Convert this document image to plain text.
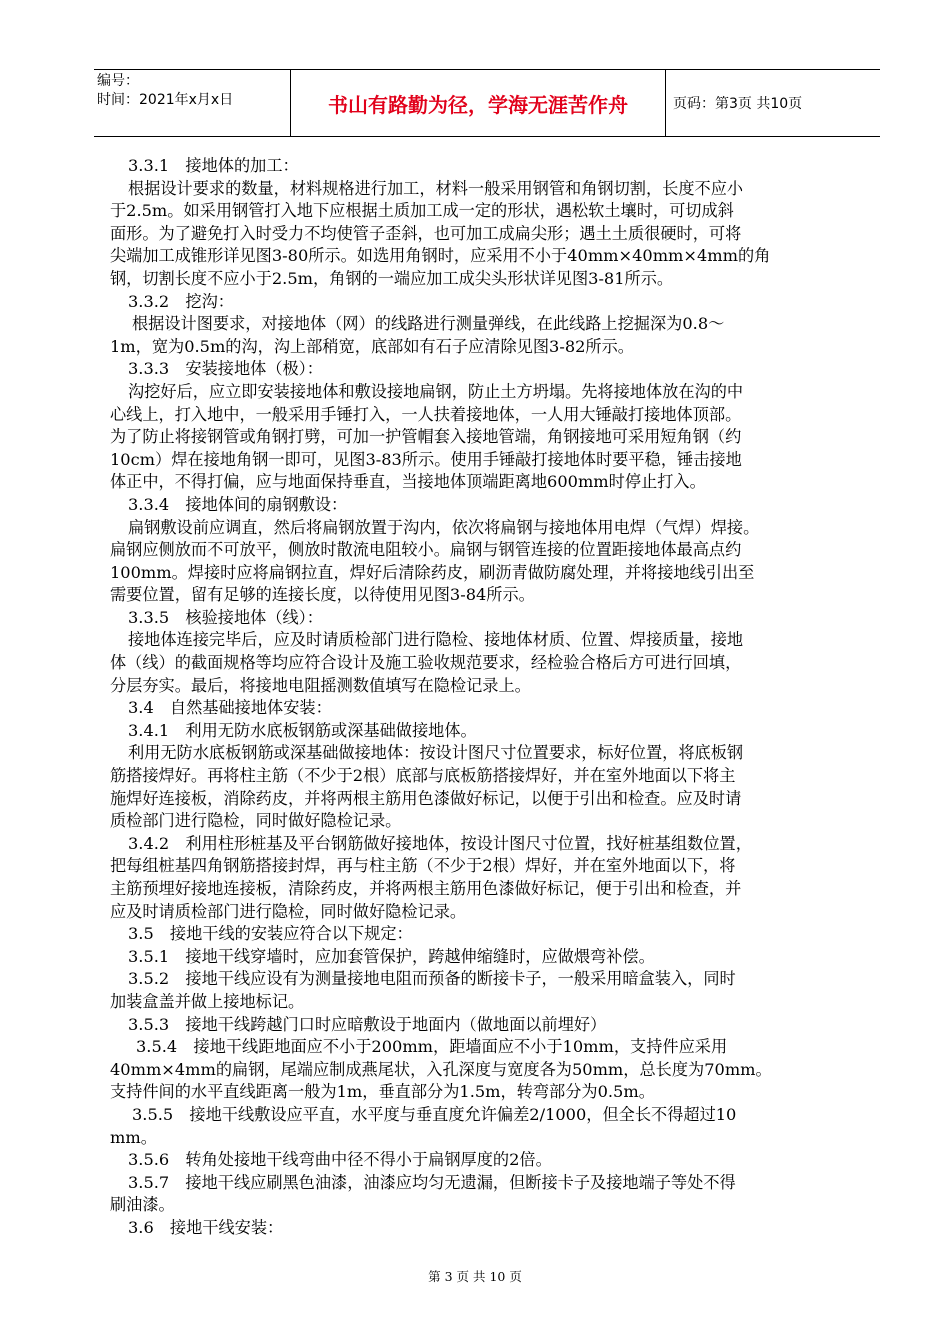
编号：
时间：2021年x月x日	书山有路勤为径，学海无涯苦作舟	页码：第3页 共10页
3.3.1　接地体的加工：
根据设计要求的数量，材料规格进行加工，材料一般采用钢管和角钢切割，长度不应小
于2.5m。如采用钢管打入地下应根据土质加工成一定的形状，遇松软土壤时，可切成斜
面形。为了避免打入时受力不均使管子歪斜，也可加工成扁尖形；遇土土质很硬时，可将
尖端加工成锥形详见图3-80所示。如选用角钢时，应采用不小于40mm×40mm×4mm的角
钢，切割长度不应小于2.5m，角钢的一端应加工成尖头形状详见图3-81所示。
3.3.2　挖沟：
根据设计图要求，对接地体（网）的线路进行测量弹线，在此线路上挖掘深为0.8～
1m，宽为0.5m的沟，沟上部稍宽，底部如有石子应清除见图3-82所示。
3.3.3　安装接地体（极）：
沟挖好后，应立即安装接地体和敷设接地扁钢，防止土方坍塌。先将接地体放在沟的中
心线上，打入地中，一般采用手锤打入，一人扶着接地体，一人用大锤敲打接地体顶部。
为了防止将接钢管或角钢打劈，可加一护管帽套入接地管端，角钢接地可采用短角钢（约
10cm）焊在接地角钢一即可，见图3-83所示。使用手锤敲打接地体时要平稳，锤击接地
体正中，不得打偏，应与地面保持垂直，当接地体顶端距离地600mm时停止打入。
3.3.4　接地体间的扇钢敷设：
扁钢敷设前应调直，然后将扁钢放置于沟内，依次将扁钢与接地体用电焊（气焊）焊接。
扁钢应侧放而不可放平，侧放时散流电阻较小。扁钢与钢管连接的位置距接地体最高点约
100mm。焊接时应将扁钢拉直，焊好后清除药皮，刷沥青做防腐处理，并将接地线引出至
需要位置，留有足够的连接长度，以待使用见图3-84所示。
3.3.5　核验接地体（线）：
接地体连接完毕后，应及时请质检部门进行隐检、接地体材质、位置、焊接质量，接地
体（线）的截面规格等均应符合设计及施工验收规范要求，经检验合格后方可进行回填，
分层夯实。最后，将接地电阻摇测数值填写在隐检记录上。
3.4　自然基础接地体安装：
3.4.1　利用无防水底板钢筋或深基础做接地体。
利用无防水底板钢筋或深基础做接地体：按设计图尺寸位置要求，标好位置，将底板钢
筋搭接焊好。再将柱主筋（不少于2根）底部与底板筋搭接焊好，并在室外地面以下将主
施焊好连接板，消除药皮，并将两根主筋用色漆做好标记，以便于引出和检查。应及时请
质检部门进行隐检，同时做好隐检记录。
3.4.2　利用柱形桩基及平台钢筋做好接地体，按设计图尺寸位置，找好桩基组数位置，
把每组桩基四角钢筋搭接封焊，再与柱主筋（不少于2根）焊好，并在室外地面以下，将
主筋预埋好接地连接板，清除药皮，并将两根主筋用色漆做好标记，便于引出和检查，并
应及时请质检部门进行隐检，同时做好隐检记录。
3.5　接地干线的安装应符合以下规定：
3.5.1　接地干线穿墙时，应加套管保护，跨越伸缩缝时，应做煨弯补偿。
3.5.2　接地干线应设有为测量接地电阻而预备的断接卡子，一般采用暗盒装入，同时
加装盒盖并做上接地标记。
3.5.3　接地干线跨越门口时应暗敷设于地面内（做地面以前埋好）
3.5.4　接地干线距地面应不小于200mm，距墙面应不小于10mm，支持件应采用
40mm×4mm的扁钢，尾端应制成燕尾状，入孔深度与宽度各为50mm，总长度为70mm。
支持件间的水平直线距离一般为1m，垂直部分为1.5m，转弯部分为0.5m。
3.5.5　接地干线敷设应平直，水平度与垂直度允许偏差2/1000，但全长不得超过10
mm。
3.5.6　转角处接地干线弯曲中径不得小于扁钢厚度的2倍。
3.5.7　接地干线应刷黑色油漆，油漆应均匀无遗漏，但断接卡子及接地端子等处不得
刷油漆。
3.6　接地干线安装：
第 3 页 共 10 页
